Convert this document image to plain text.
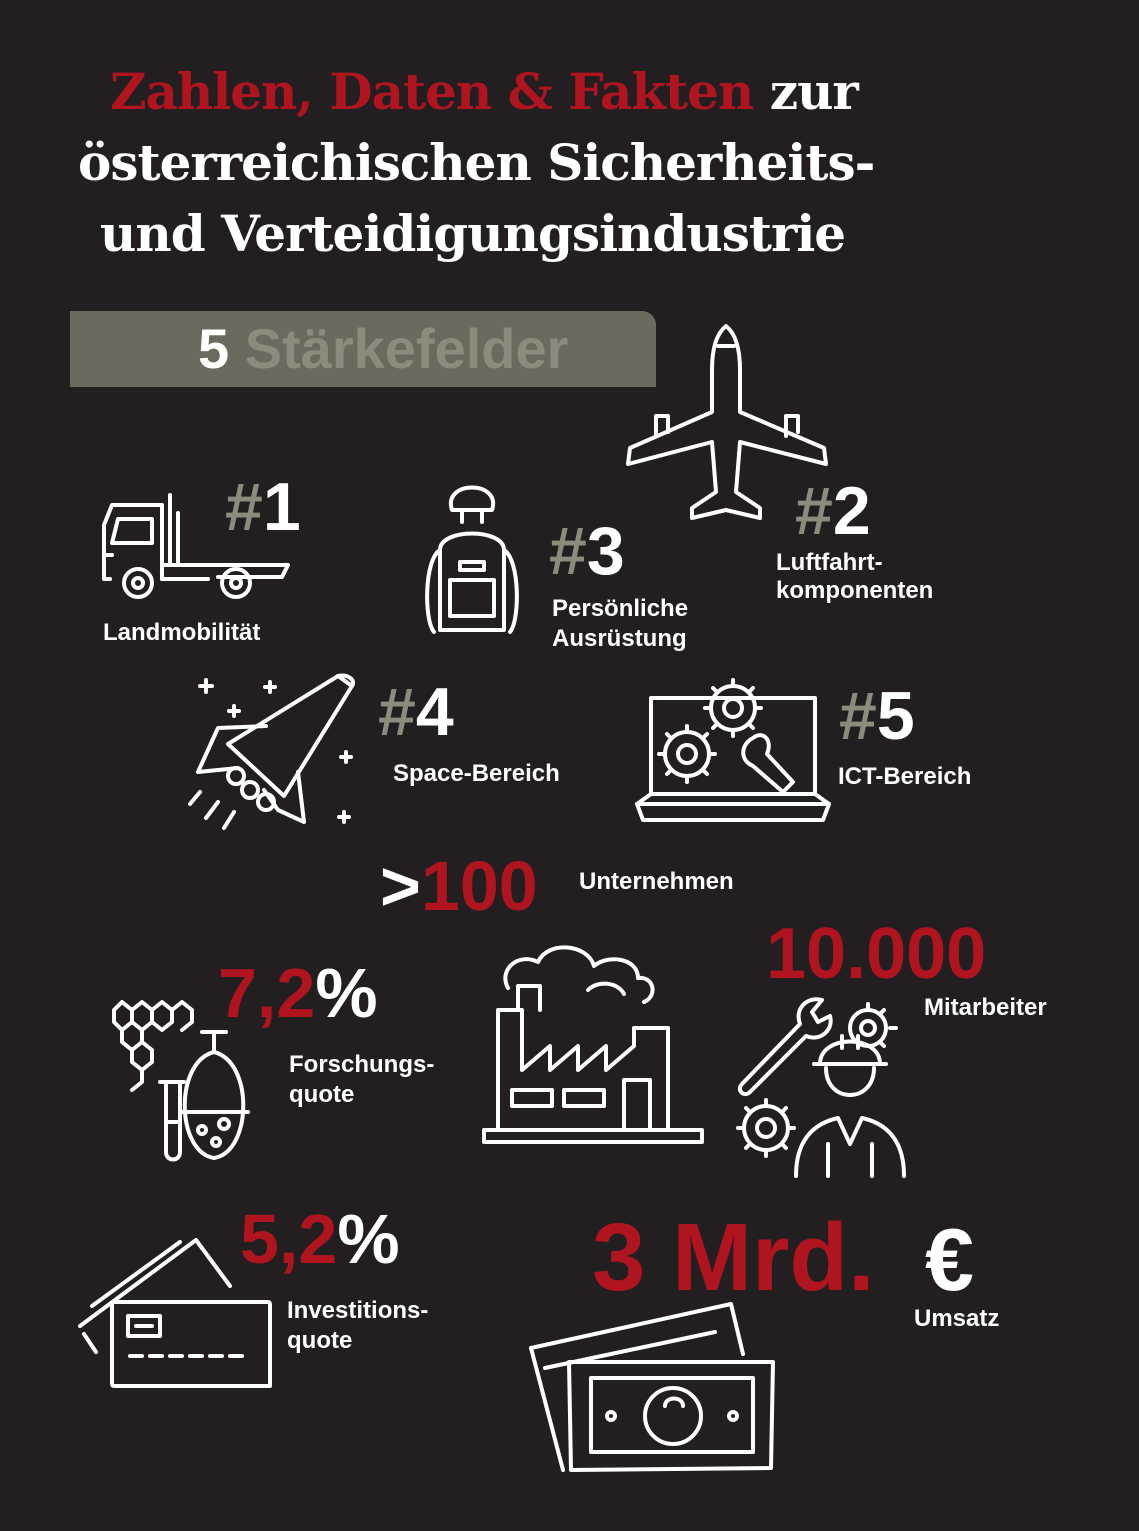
Zahlen, Daten & Fakten zur
österreichischen Sicherheits-
und Verteidigungsindustrie
5 Stärkefelder
#2
Luftfahrt-
komponenten
#1
Landmobilität
#3
Persönliche
Ausrüstung
#4
Space-Bereich
#5
ICT-Bereich
>100 Unternehmen
10.000
Mitarbeiter
7,2%
Forschungs-
quote
5,2%
Investitions-
quote
3 Mrd. €
Umsatz
